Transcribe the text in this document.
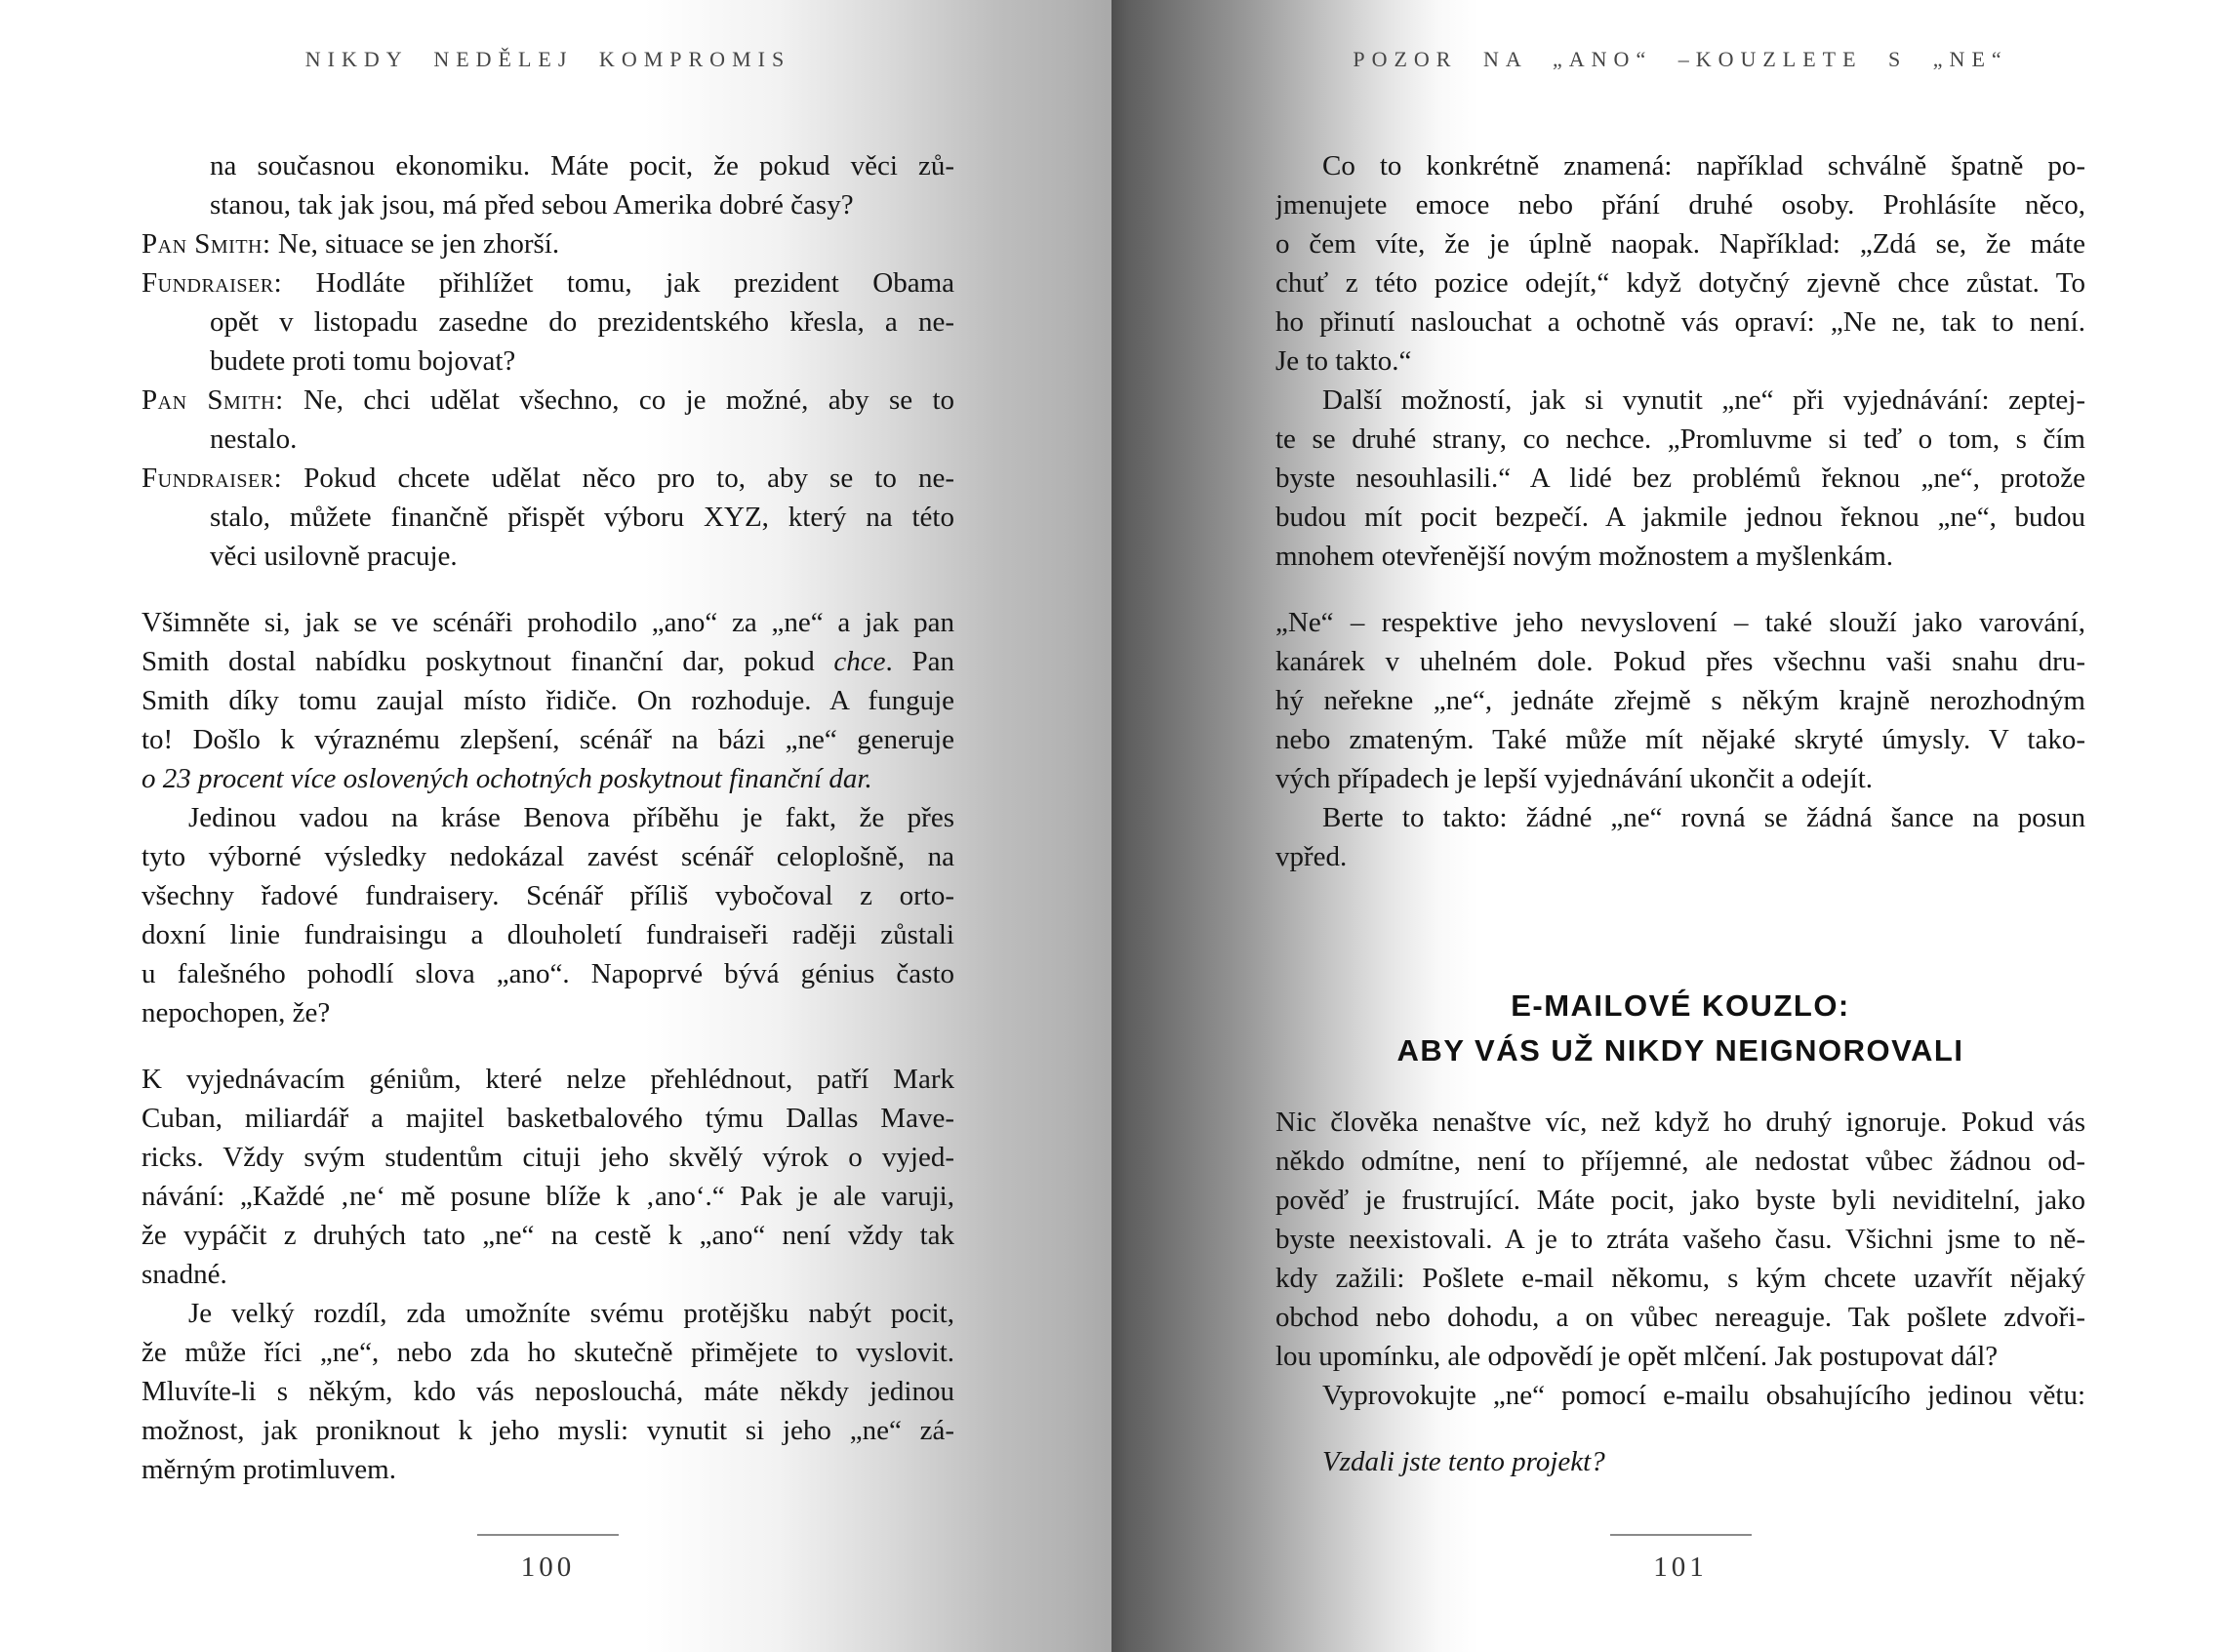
NIKDY NEDĚLEJ KOMPROMIS
na současnou ekonomiku. Máte pocit, že pokud věci zů-
stanou, tak jak jsou, má před sebou Amerika dobré časy?
Pan Smith: Ne, situace se jen zhorší.
Fundraiser: Hodláte přihlížet tomu, jak prezident Obama
opět v listopadu zasedne do prezidentského křesla, a ne-
budete proti tomu bojovat?
Pan Smith: Ne, chci udělat všechno, co je možné, aby se to
nestalo.
Fundraiser: Pokud chcete udělat něco pro to, aby se to ne-
stalo, můžete finančně přispět výboru XYZ, který na této
věci usilovně pracuje.
Všimněte si, jak se ve scénáři prohodilo „ano“ za „ne“ a jak pan
Smith dostal nabídku poskytnout finanční dar, pokud chce. Pan
Smith díky tomu zaujal místo řidiče. On rozhoduje. A funguje
to! Došlo k výraznému zlepšení, scénář na bázi „ne“ generuje
o 23 procent více oslovených ochotných poskytnout finanční dar.
Jedinou vadou na kráse Benova příběhu je fakt, že přes
tyto výborné výsledky nedokázal zavést scénář celoplošně, na
všechny řadové fundraisery. Scénář příliš vybočoval z orto-
doxní linie fundraisingu a dlouholetí fundraiseři raději zůstali
u falešného pohodlí slova „ano“. Napoprvé bývá génius často
nepochopen, že?
K vyjednávacím géniům, které nelze přehlédnout, patří Mark
Cuban, miliardář a majitel basketbalového týmu Dallas Mave-
ricks. Vždy svým studentům cituji jeho skvělý výrok o vyjed-
návání: „Každé ‚ne‘ mě posune blíže k ‚ano‘.“ Pak je ale varuji,
že vypáčit z druhých tato „ne“ na cestě k „ano“ není vždy tak
snadné.
Je velký rozdíl, zda umožníte svému protějšku nabýt pocit,
že může říci „ne“, nebo zda ho skutečně přimějete to vyslovit.
Mluvíte-li s někým, kdo vás neposlouchá, máte někdy jedinou
možnost, jak proniknout k jeho mysli: vynutit si jeho „ne“ zá-
měrným protimluvem.
100
POZOR NA „ANO“ –KOUZLETE S „NE“
Co to konkrétně znamená: například schválně špatně po-
jmenujete emoce nebo přání druhé osoby. Prohlásíte něco,
o čem víte, že je úplně naopak. Například: „Zdá se, že máte
chuť z této pozice odejít,“ když dotyčný zjevně chce zůstat. To
ho přinutí naslouchat a ochotně vás opraví: „Ne ne, tak to není.
Je to takto.“
Další možností, jak si vynutit „ne“ při vyjednávání: zeptej-
te se druhé strany, co nechce. „Promluvme si teď o tom, s čím
byste nesouhlasili.“ A lidé bez problémů řeknou „ne“, protože
budou mít pocit bezpečí. A jakmile jednou řeknou „ne“, budou
mnohem otevřenější novým možnostem a myšlenkám.
„Ne“ – respektive jeho nevyslovení – také slouží jako varování,
kanárek v uhelném dole. Pokud přes všechnu vaši snahu dru-
hý neřekne „ne“, jednáte zřejmě s někým krajně nerozhodným
nebo zmateným. Také může mít nějaké skryté úmysly. V tako-
vých případech je lepší vyjednávání ukončit a odejít.
Berte to takto: žádné „ne“ rovná se žádná šance na posun
vpřed.
E-MAILOVÉ KOUZLO:
ABY VÁS UŽ NIKDY NEIGNOROVALI
Nic člověka nenaštve víc, než když ho druhý ignoruje. Pokud vás
někdo odmítne, není to příjemné, ale nedostat vůbec žádnou od-
pověď je frustrující. Máte pocit, jako byste byli neviditelní, jako
byste neexistovali. A je to ztráta vašeho času. Všichni jsme to ně-
kdy zažili: Pošlete e-mail někomu, s kým chcete uzavřít nějaký
obchod nebo dohodu, a on vůbec nereaguje. Tak pošlete zdvoři-
lou upomínku, ale odpovědí je opět mlčení. Jak postupovat dál?
Vyprovokujte „ne“ pomocí e-mailu obsahujícího jedinou větu:
Vzdali jste tento projekt?
101
